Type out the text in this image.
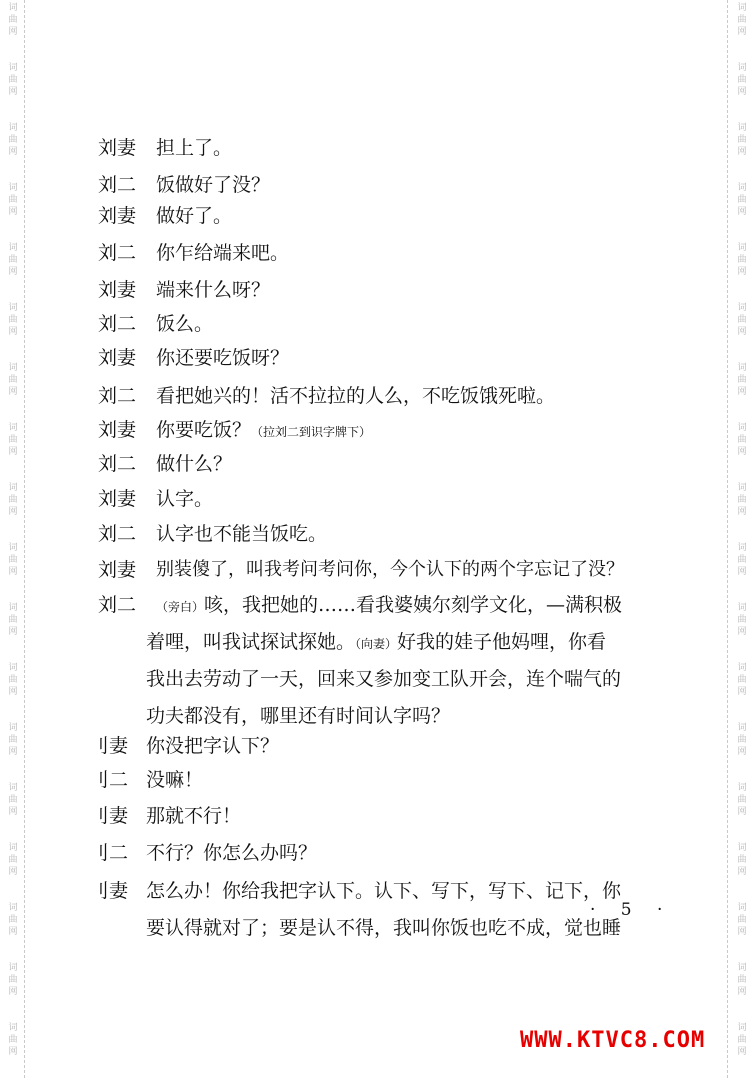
词
曲
网
词
曲
网
词
曲
网
词
曲
网
词
曲
网
词
曲
网
词
曲
网
词
曲
网
词
曲
网
词
曲
网
词
曲
网
词
曲
网
词
曲
网
词
曲
网
词
曲
网
词
曲
网
词
曲
网
词
曲
网
词
曲
网
词
曲
网
词
曲
网
词
曲
网
词
曲
网
词
曲
网
词
曲
网
词
曲
网
词
曲
网
词
曲
网
词
曲
网
词
曲
网
词
曲
网
词
曲
网
词
曲
网
词
曲
网
词
曲
网
词
曲
网
刘妻	担上了。
刘二	饭做好了没？
刘妻	做好了。
刘二	你乍给端来吧。
刘妻	端来什么呀？
刘二	饭么。
刘妻	你还要吃饭呀？
刘二	看把她兴的！活不拉拉的人么，不吃饭饿死啦。
刘妻	你要吃饭？（拉刘二到识字牌下）
刘二	做什么？
刘妻	认字。
刘二	认字也不能当饭吃。
刘妻	别装傻了，叫我考问考问你，今个认下的两个字忘记了没？
刘二	（旁白）咳，我把她的……看我婆姨尔刻学文化，—满积极
着哩，叫我试探试探她。（向妻）好我的娃子他妈哩，你看
我出去劳动了一天，回来又参加变工队开会，连个喘气的
功夫都没有，哪里还有时间认字吗？
刂妻 你没把字认下？
刂二 没嘛！
刂妻 那就不行！
刂二 不行？你怎么办吗？
刂妻 怎么办！你给我把字认下。认下、写下，写下、记下，你
要认得就对了；要是认不得，我叫你饭也吃不成，觉也睡
· 5 ·
WWW.KTVC8.COM
